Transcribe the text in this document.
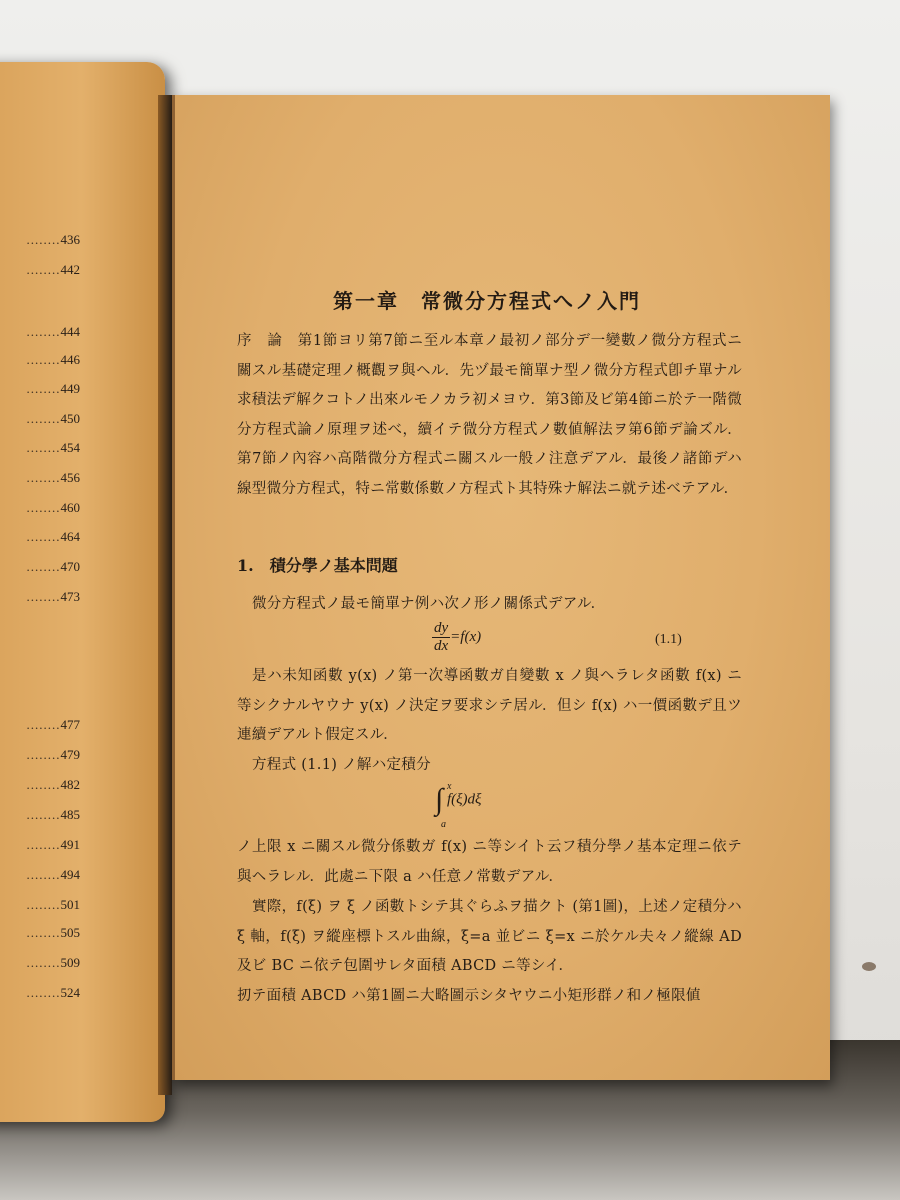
........436
........442
........444
........446
........449
........450
........454
........456
........460
........464
........470
........473
........477
........479
........482
........485
........491
........494
........501
........505
........509
........524
第一章　常微分方程式へノ入門
序　論　第1節ヨリ第7節ニ至ル本章ノ最初ノ部分デ一變數ノ微分方程式ニ關スル基礎定理ノ概觀ヲ與ヘル．先ヅ最モ簡單ナ型ノ微分方程式卽チ單ナル求積法デ解クコトノ出來ルモノカラ初メヨウ．第3節及ビ第4節ニ於テ一階微分方程式論ノ原理ヲ述べ，續イテ微分方程式ノ數値解法ヲ第6節デ論ズル．第7節ノ內容ハ高階微分方程式ニ關スル一般ノ注意デアル．最後ノ諸節デハ線型微分方程式，特ニ常數係數ノ方程式ト其特殊ナ解法ニ就テ述べテアル．
1.　積分學ノ基本問題
微分方程式ノ最モ簡單ナ例ハ次ノ形ノ關係式デアル．
$\frac{dy}{dx} =f(x)$	(1.1)
是ハ未知函數 y(x) ノ第一次導函數ガ自變數 x ノ與ヘラレタ函數 f(x) ニ等シクナルヤウナ y(x) ノ決定ヲ要求シテ居ル．但シ f(x) ハ一價函數デ且ツ連續デアルト假定スル．
方程式 (1.1) ノ解ハ定積分
∫ x
a
f(ξ)dξ
ノ上限 x ニ關スル微分係數ガ f(x) ニ等シイト云フ積分學ノ基本定理ニ依テ與ヘラレル．此處ニ下限 a ハ任意ノ常數デアル．
實際，f(ξ) ヲ ξ ノ函數トシテ其ぐらふヲ描クト (第1圖)，上述ノ定積分ハ ξ 軸，f(ξ) ヲ縱座標トスル曲線，ξ=a 並ビニ ξ=x ニ於ケル夫々ノ縱線 AD 及ビ BC ニ依テ包圍サレタ面積 ABCD ニ等シイ．
扨テ面積 ABCD ハ第1圖ニ大略圖示シタヤウニ小矩形群ノ和ノ極限値
